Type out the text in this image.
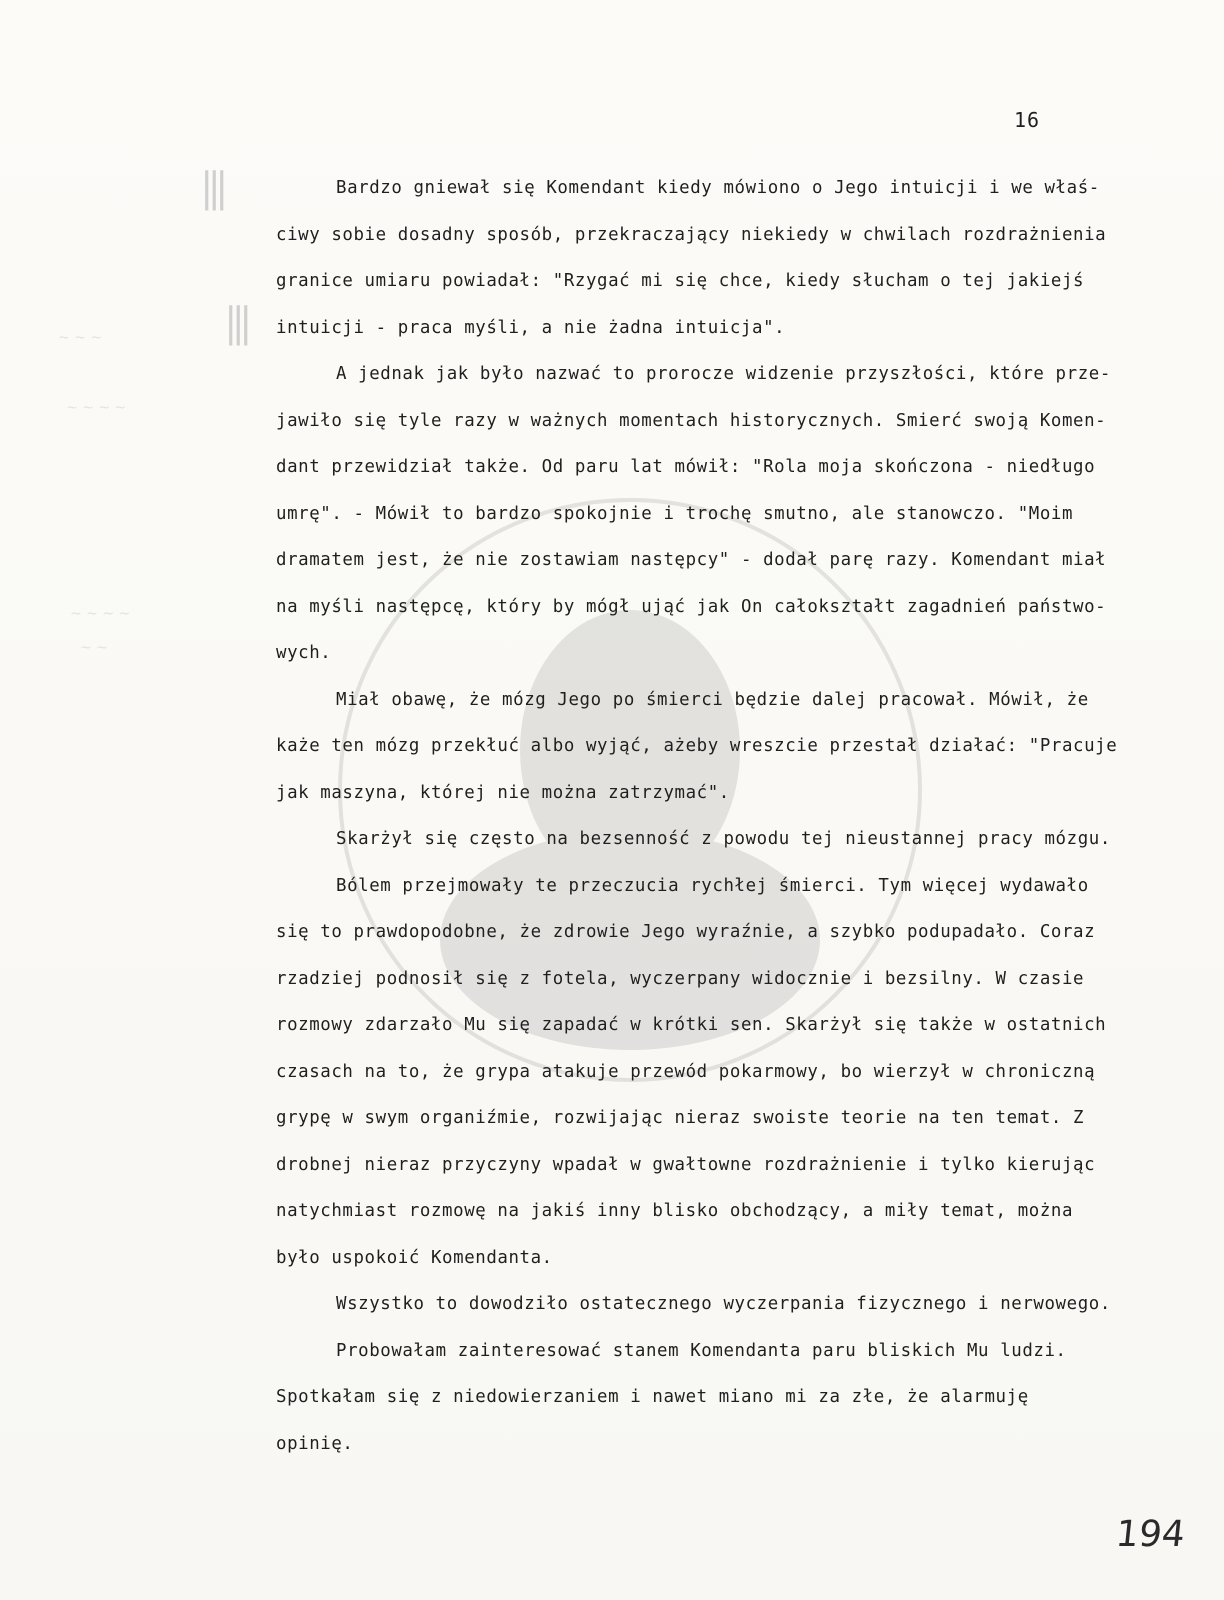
|||
|||
~ ~ ~
~ ~ ~ ~
~ ~ ~ ~
~ ~
16
Bardzo gniewał się Komendant kiedy mówiono o Jego intuicji i we właś-
ciwy sobie dosadny sposób, przekraczający niekiedy w chwilach rozdrażnienia
granice umiaru powiadał: "Rzygać mi się chce, kiedy słucham o tej jakiejś
intuicji - praca myśli, a nie żadna intuicja".
A jednak jak było nazwać to prorocze widzenie przyszłości, które prze-
jawiło się tyle razy w ważnych momentach historycznych. Smierć swoją Komen-
dant przewidział także. Od paru lat mówił: "Rola moja skończona - niedługo
umrę". - Mówił to bardzo spokojnie i trochę smutno, ale stanowczo. "Moim
dramatem jest, że nie zostawiam następcy" - dodał parę razy. Komendant miał
na myśli następcę, który by mógł ująć jak On całokształt zagadnień państwo-
wych.
Miał obawę, że mózg Jego po śmierci będzie dalej pracował. Mówił, że
każe ten mózg przekłuć albo wyjąć, ażeby wreszcie przestał działać: "Pracuje
jak maszyna, której nie można zatrzymać".
Skarżył się często na bezsenność z powodu tej nieustannej pracy mózgu.
Bólem przejmowały te przeczucia rychłej śmierci. Tym więcej wydawało
się to prawdopodobne, że zdrowie Jego wyraźnie, a szybko podupadało. Coraz
rzadziej podnosił się z fotela, wyczerpany widocznie i bezsilny. W czasie
rozmowy zdarzało Mu się zapadać w krótki sen. Skarżył się także w ostatnich
czasach na to, że grypa atakuje przewód pokarmowy, bo wierzył w chroniczną
grypę w swym organiźmie, rozwijając nieraz swoiste teorie na ten temat. Z
drobnej nieraz przyczyny wpadał w gwałtowne rozdrażnienie i tylko kierując
natychmiast rozmowę na jakiś inny blisko obchodzący, a miły temat, można
było uspokoić Komendanta.
Wszystko to dowodziło ostatecznego wyczerpania fizycznego i nerwowego.
Probowałam zainteresować stanem Komendanta paru bliskich Mu ludzi.
Spotkałam się z niedowierzaniem i nawet miano mi za złe, że alarmuję
opinię.
194
